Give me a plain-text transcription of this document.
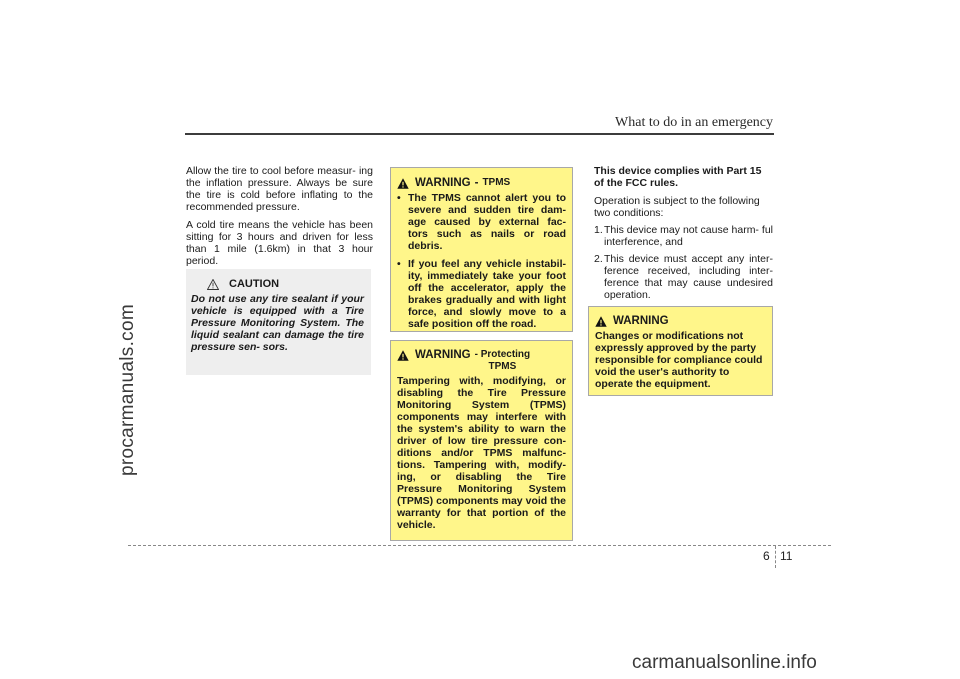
procarmanuals.com
carmanualsonline.info
What to do in an emergency

Allow the tire to cool before measur- ing the inflation pressure. Always be sure the tire is cold before inflating to the recommended pressure.

A cold tire means the vehicle has been sitting for 3 hours and driven for less than 1 mile (1.6km) in that 3 hour period.

CAUTION
Do not use any tire sealant if your vehicle is equipped with a Tire Pressure Monitoring System. The liquid sealant can damage the tire pressure sen- sors.
WARNING - TPMS
• The TPMS cannot alert you to severe and sudden tire dam- age caused by external fac- tors such as nails or road debris.
• If you feel any vehicle instabil- ity, immediately take your foot off the accelerator, apply the brakes gradually and with light force, and slowly move to a safe position off the road.
WARNING - Protecting
TPMS
Tampering with, modifying, or disabling the Tire Pressure Monitoring System (TPMS) components may interfere with the system's ability to warn the driver of low tire pressure con- ditions and/or TPMS malfunc- tions. Tampering with, modify- ing, or disabling the Tire Pressure Monitoring System (TPMS) components may void the warranty for that portion of the vehicle.

This device complies with Part 15 of the FCC rules.

Operation is subject to the following two conditions:

1. This device may not cause harm- ful interference, and
2. This device must accept any inter- ference received, including inter- ference that may cause undesired operation.
WARNING
Changes or modifications not expressly approved by the party responsible for compliance could void the user's authority to operate the equipment.
6 11
